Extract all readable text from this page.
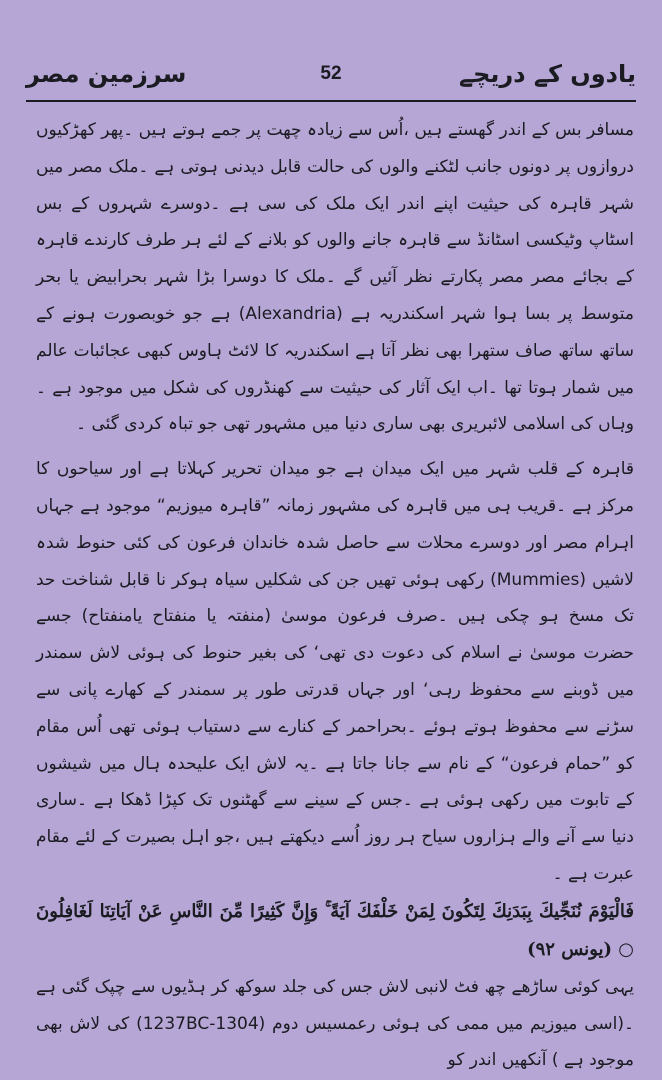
سرزمین مصر	52	یادوں کے دریچے

مسافر بس کے اندر گھستے ہیں ،اُس سے زیادہ چھت پر جمے ہوتے ہیں ۔پھر کھڑکیوں دروازوں پر دونوں جانب لٹکنے والوں کی حالت قابل دیدنی ہوتی ہے ۔ملک مصر میں شہر قاہرہ کی حیثیت اپنے اندر ایک ملک کی سی ہے ۔دوسرے شہروں کے بس اسٹاپ وٹیکسی اسٹانڈ سے قاہرہ جانے والوں کو بلانے کے لئے ہر طرف کارندے قاہرہ کے بجائے مصر مصر پکارتے نظر آئیں گے ۔ملک کا دوسرا بڑا شہر بحرابیض یا بحر متوسط پر بسا ہوا شہر اسکندریہ ہے (Alexandria) ہے جو خوبصورت ہونے کے ساتھ ساتھ صاف ستھرا بھی نظر آتا ہے اسکندریہ کا لائٹ ہاوس کبھی عجائبات عالم میں شمار ہوتا تھا ۔اب ایک آثار کی حیثیت سے کھنڈروں کی شکل میں موجود ہے ۔وہاں کی اسلامی لائبریری بھی ساری دنیا میں مشہور تھی جو تباہ کردی گئی ۔

قاہرہ کے قلب شہر میں ایک میدان ہے جو میدان تحریر کہلاتا ہے اور سیاحوں کا مرکز ہے ۔قریب ہی میں قاہرہ کی مشہور زمانہ ”قاہرہ میوزیم“ موجود ہے جہاں اہرام مصر اور دوسرے محلات سے حاصل شدہ خاندان فرعون کی کئی حنوط شدہ لاشیں (Mummies) رکھی ہوئی تھیں جن کی شکلیں سیاہ ہوکر نا قابل شناخت حد تک مسخ ہو چکی ہیں ۔صرف فرعون موسیٰ (منفتہ یا منفتاح یامنفتاح) جسے حضرت موسیٰ نے اسلام کی دعوت دی تھی‘ کی بغیر حنوط کی ہوئی لاش سمندر میں ڈوبنے سے محفوظ رہی‘ اور جہاں قدرتی طور پر سمندر کے کھارے پانی سے سڑنے سے محفوظ ہوتے ہوئے ۔بحراحمر کے کنارے سے دستیاب ہوئی تھی اُس مقام کو ”حمام فرعون“ کے نام سے جانا جاتا ہے ۔یہ لاش ایک علیحدہ ہال میں شیشوں کے تابوت میں رکھی ہوئی ہے ۔جس کے سینے سے گھٹنوں تک کپڑا ڈھکا ہے ۔ساری دنیا سے آنے والے ہزاروں سیاح ہر روز اُسے دیکھتے ہیں ،جو اہل بصیرت کے لئے مقام عبرت ہے ۔

فَالْيَوْمَ نُنَجِّيكَ بِبَدَنِكَ لِتَكُونَ لِمَنْ خَلْفَكَ آيَةً ۚ وَإِنَّ كَثِيرًا مِّنَ النَّاسِ عَنْ آيَاتِنَا لَغَافِلُونَ ○ (یونس ۹۲)

یہی کوئی ساڑھے چھ فٹ لانبی لاش جس کی جلد سوکھ کر ہڈیوں سے چپک گئی ہے ۔(اسی میوزیم میں ممی کی ہوئی رعمسیس دوم (1304-1237BC) کی لاش بھی موجود ہے ) آنکھیں اندر کو
